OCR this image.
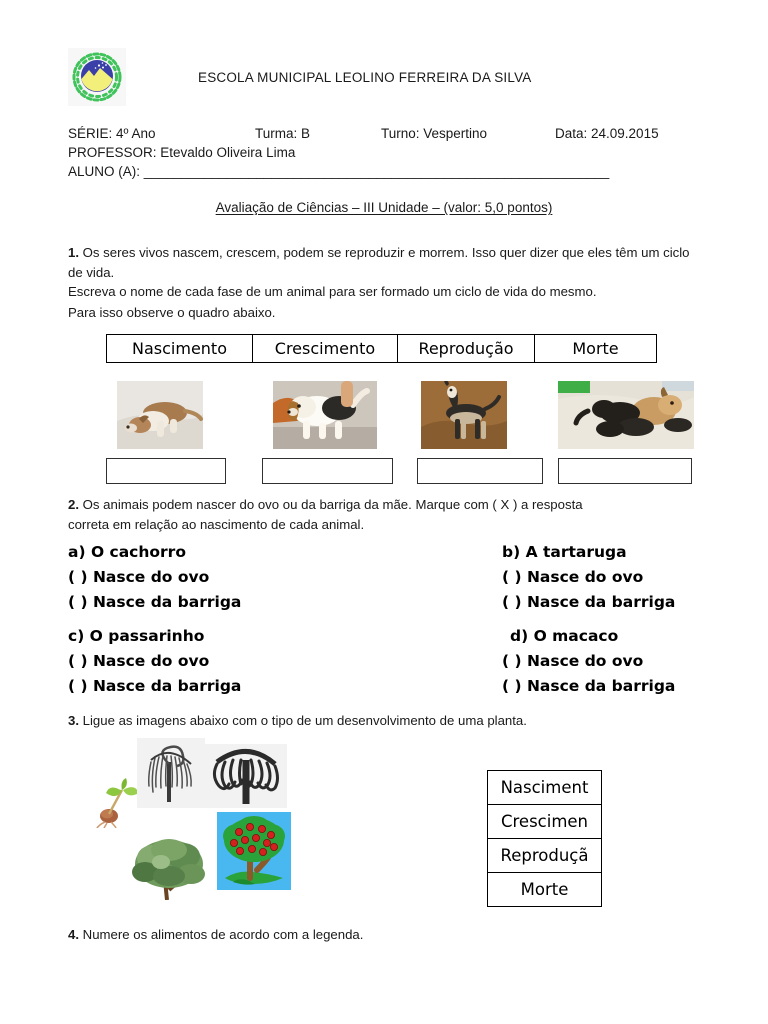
ESCOLA MUNICIPAL LEOLINO FERREIRA DA SILVA
SÉRIE: 4º Ano	Turma: B	Turno: Vespertino	Data: 24.09.2015
PROFESSOR: Etevaldo Oliveira Lima
ALUNO (A): ______________________________________________________________
Avaliação de Ciências – III Unidade – (valor: 5,0 pontos)
1. Os seres vivos nascem, crescem, podem se reproduzir e morrem. Isso quer dizer que eles têm um ciclo de vida.
Escreva o nome de cada fase de um animal para ser formado um ciclo de vida do mesmo.
Para isso observe o quadro abaixo.
Nascimento	Crescimento	Reprodução	Morte
2. Os animais podem nascer do ovo ou da barriga da mãe. Marque com ( X ) a resposta
correta em relação ao nascimento de cada animal.
a) O cachorro
( ) Nasce do ovo
( ) Nasce da barriga
b) A tartaruga
( ) Nasce do ovo
( ) Nasce da barriga
c) O passarinho
( ) Nasce do ovo
( ) Nasce da barriga
d) O macaco
( ) Nasce do ovo
( ) Nasce da barriga
3. Ligue as imagens abaixo com o tipo de um desenvolvimento de uma planta.
Nasciment
Crescimen
Reproduçã
Morte
4. Numere os alimentos de acordo com a legenda.
